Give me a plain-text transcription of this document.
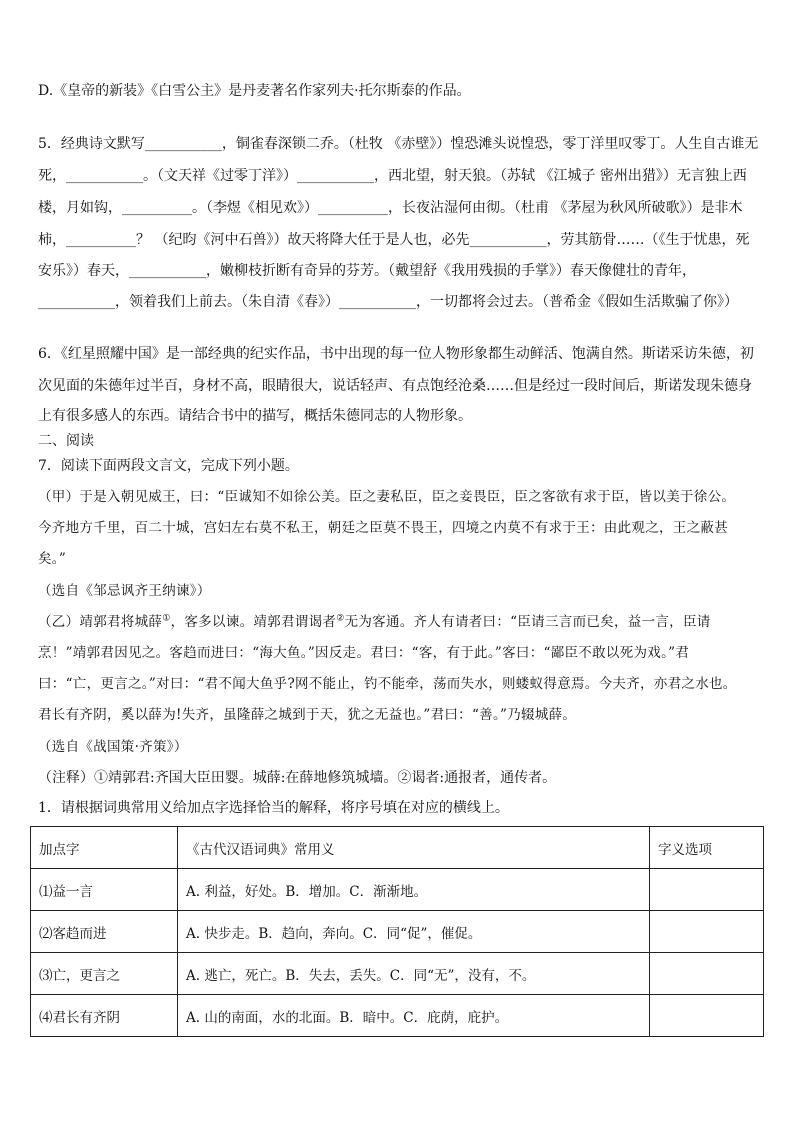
D.《皇帝的新装》《白雪公主》是丹麦著名作家列夫·托尔斯泰的作品。
5．经典诗文默写___________，铜雀春深锁二乔。（杜牧 《赤壁》）惶恐滩头说惶恐，零丁洋里叹零丁。人生自古谁无
死，___________。（文天祥《过零丁洋》）___________，西北望，射天狼。（苏轼 《江城子 密州出猎》）无言独上西
楼，月如钩，__________。（李煜《相见欢》）__________，长夜沾湿何由彻。（杜甫 《茅屋为秋风所破歌》）是非木
柿，__________？ （纪昀《河中石兽》）故天将降大任于是人也，必先___________，劳其筋骨……（《生于忧患，死
安乐》）春天，___________，嫩柳枝折断有奇异的芬芳。（戴望舒《我用残损的手掌》）春天像健壮的青年，
___________，领着我们上前去。（朱自清《春》）___________，一切都将会过去。（普希金《假如生活欺骗了你》）
6．《红星照耀中国》是一部经典的纪实作品，书中出现的每一位人物形象都生动鲜活、饱满自然。斯诺采访朱德，初
次见面的朱德年过半百，身材不高，眼睛很大，说话轻声、有点饱经沧桑……但是经过一段时间后，斯诺发现朱德身
上有很多感人的东西。请结合书中的描写，概括朱德同志的人物形象。
二、阅读
7．阅读下面两段文言文，完成下列小题。
（甲）于是入朝见威王，曰：“臣诚知不如徐公美。臣之妻私臣，臣之妾畏臣，臣之客欲有求于臣，皆以美于徐公。
今齐地方千里，百二十城，宫妇左右莫不私王，朝廷之臣莫不畏王，四境之内莫不有求于王：由此观之，王之蔽甚
矣。”
（选自《邹忌讽齐王纳谏》）
（乙）靖郭君将城薛①，客多以谏。靖郭君谓谒者②无为客通。齐人有请者曰：“臣请三言而已矣，益一言，臣请
烹！”靖郭君因见之。客趋而进曰：“海大鱼。”因反走。君曰：“客，有于此。”客曰：“鄙臣不敢以死为戏。”君
曰：“亡，更言之。”对曰：“君不闻大鱼乎?网不能止，钓不能牵，荡而失水，则蝼蚁得意焉。今夫齐，亦君之水也。
君长有齐阴，奚以薛为!失齐，虽隆薛之城到于天，犹之无益也。”君曰：“善。”乃辍城薛。
（选自《战国策·齐策》）
（注释）①靖郭君:齐国大臣田婴。城薛:在薛地修筑城墙。②谒者:通报者，通传者。
1．请根据词典常用义给加点字选择恰当的解释，将序号填在对应的横线上。
加点字	《古代汉语词典》常用义	字义选项
⑴益一言	A. 利益，好处。B．增加。C．渐渐地。	
⑵客趋而进	A. 快步走。B．趋向，奔向。C．同“促”，催促。	
⑶亡，更言之	A. 逃亡，死亡。B．失去，丢失。C．同“无”，没有，不。	
⑷君长有齐阴	A. 山的南面，水的北面。B．暗中。C．庇荫，庇护。	
